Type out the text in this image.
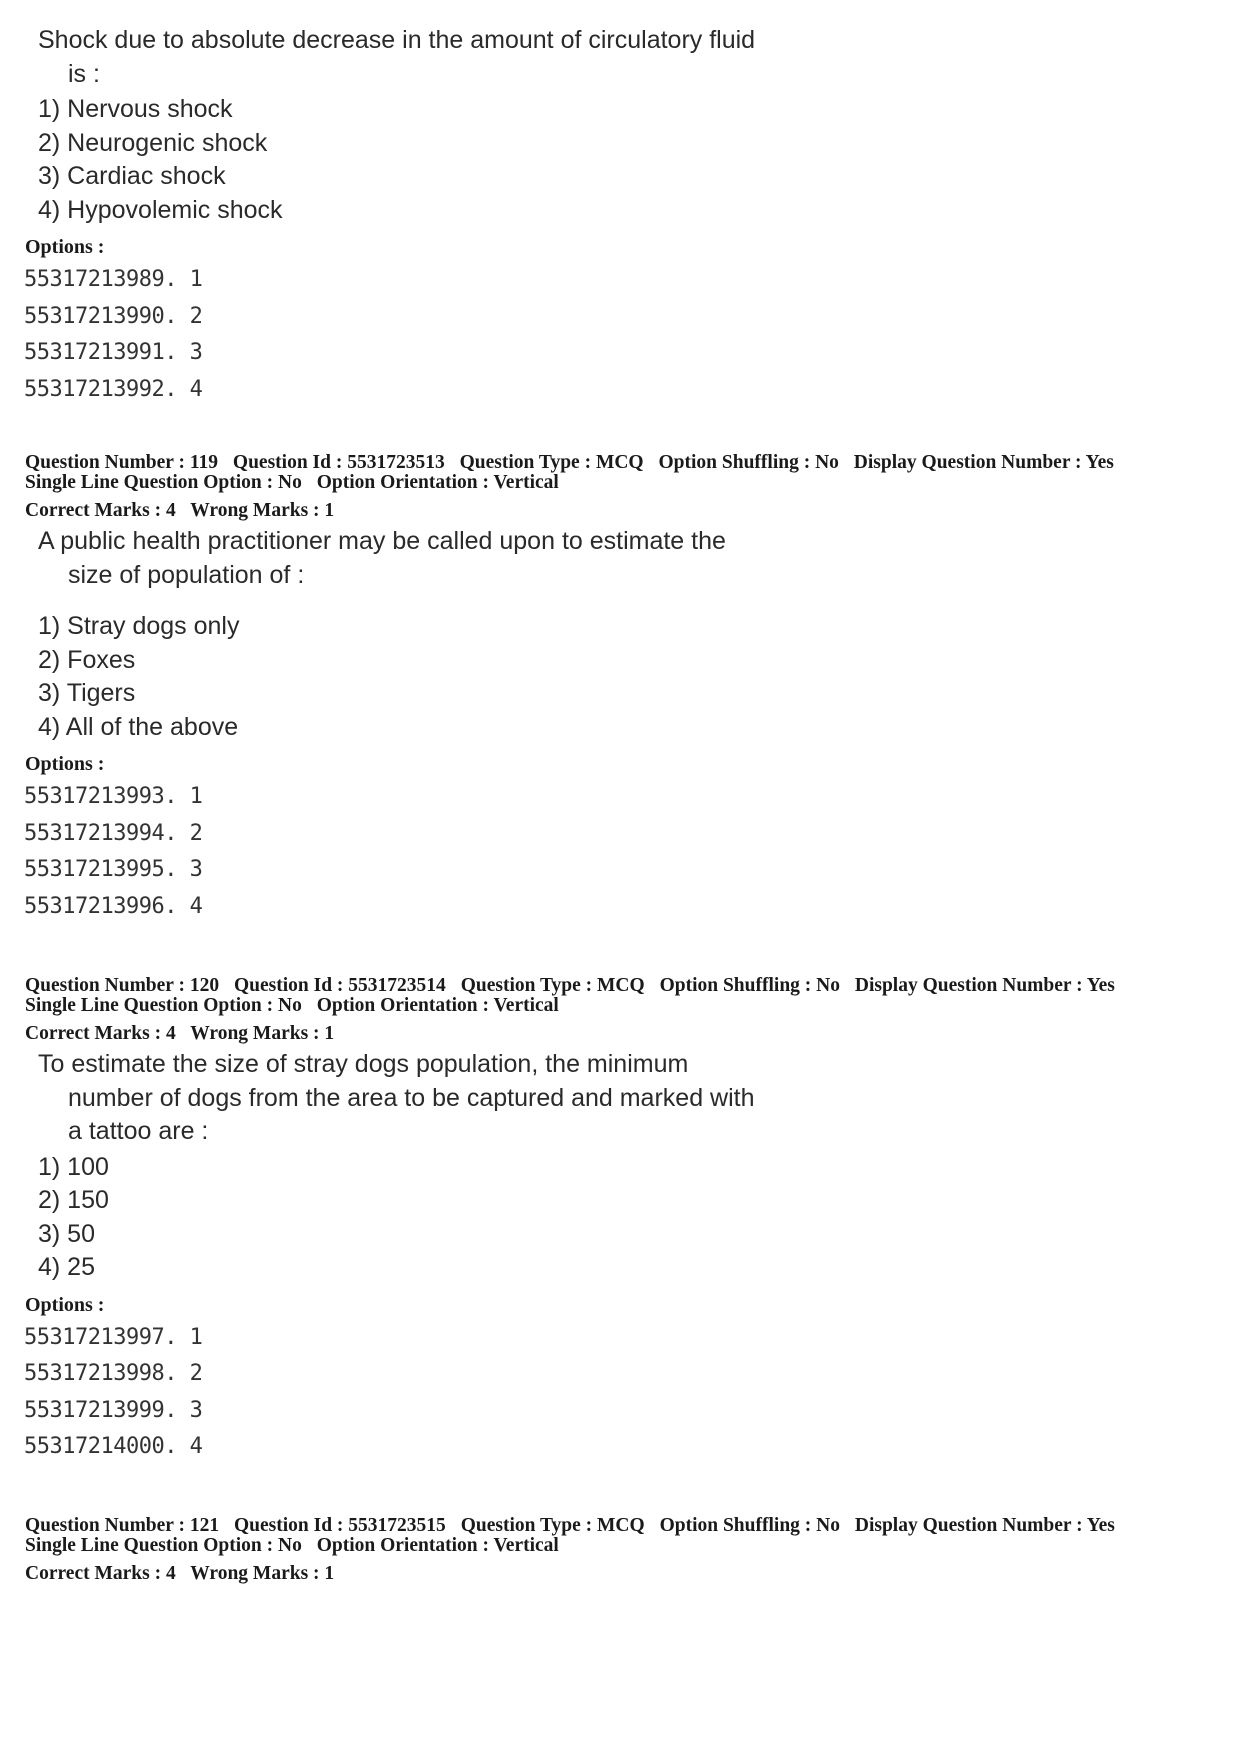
Shock due to absolute decrease in the amount of circulatory fluid
is :
1) Nervous shock
2) Neurogenic shock
3) Cardiac shock
4) Hypovolemic shock
Options :
55317213989. 1
55317213990. 2
55317213991. 3
55317213992. 4
Question Number : 119 Question Id : 5531723513 Question Type : MCQ Option Shuffling : No Display Question Number : Yes
Single Line Question Option : No Option Orientation : Vertical
Correct Marks : 4 Wrong Marks : 1
A public health practitioner may be called upon to estimate the
size of population of :
1) Stray dogs only
2) Foxes
3) Tigers
4) All of the above
Options :
55317213993. 1
55317213994. 2
55317213995. 3
55317213996. 4
Question Number : 120 Question Id : 5531723514 Question Type : MCQ Option Shuffling : No Display Question Number : Yes
Single Line Question Option : No Option Orientation : Vertical
Correct Marks : 4 Wrong Marks : 1
To estimate the size of stray dogs population, the minimum
number of dogs from the area to be captured and marked with
a tattoo are :
1) 100
2) 150
3) 50
4) 25
Options :
55317213997. 1
55317213998. 2
55317213999. 3
55317214000. 4
Question Number : 121 Question Id : 5531723515 Question Type : MCQ Option Shuffling : No Display Question Number : Yes
Single Line Question Option : No Option Orientation : Vertical
Correct Marks : 4 Wrong Marks : 1
